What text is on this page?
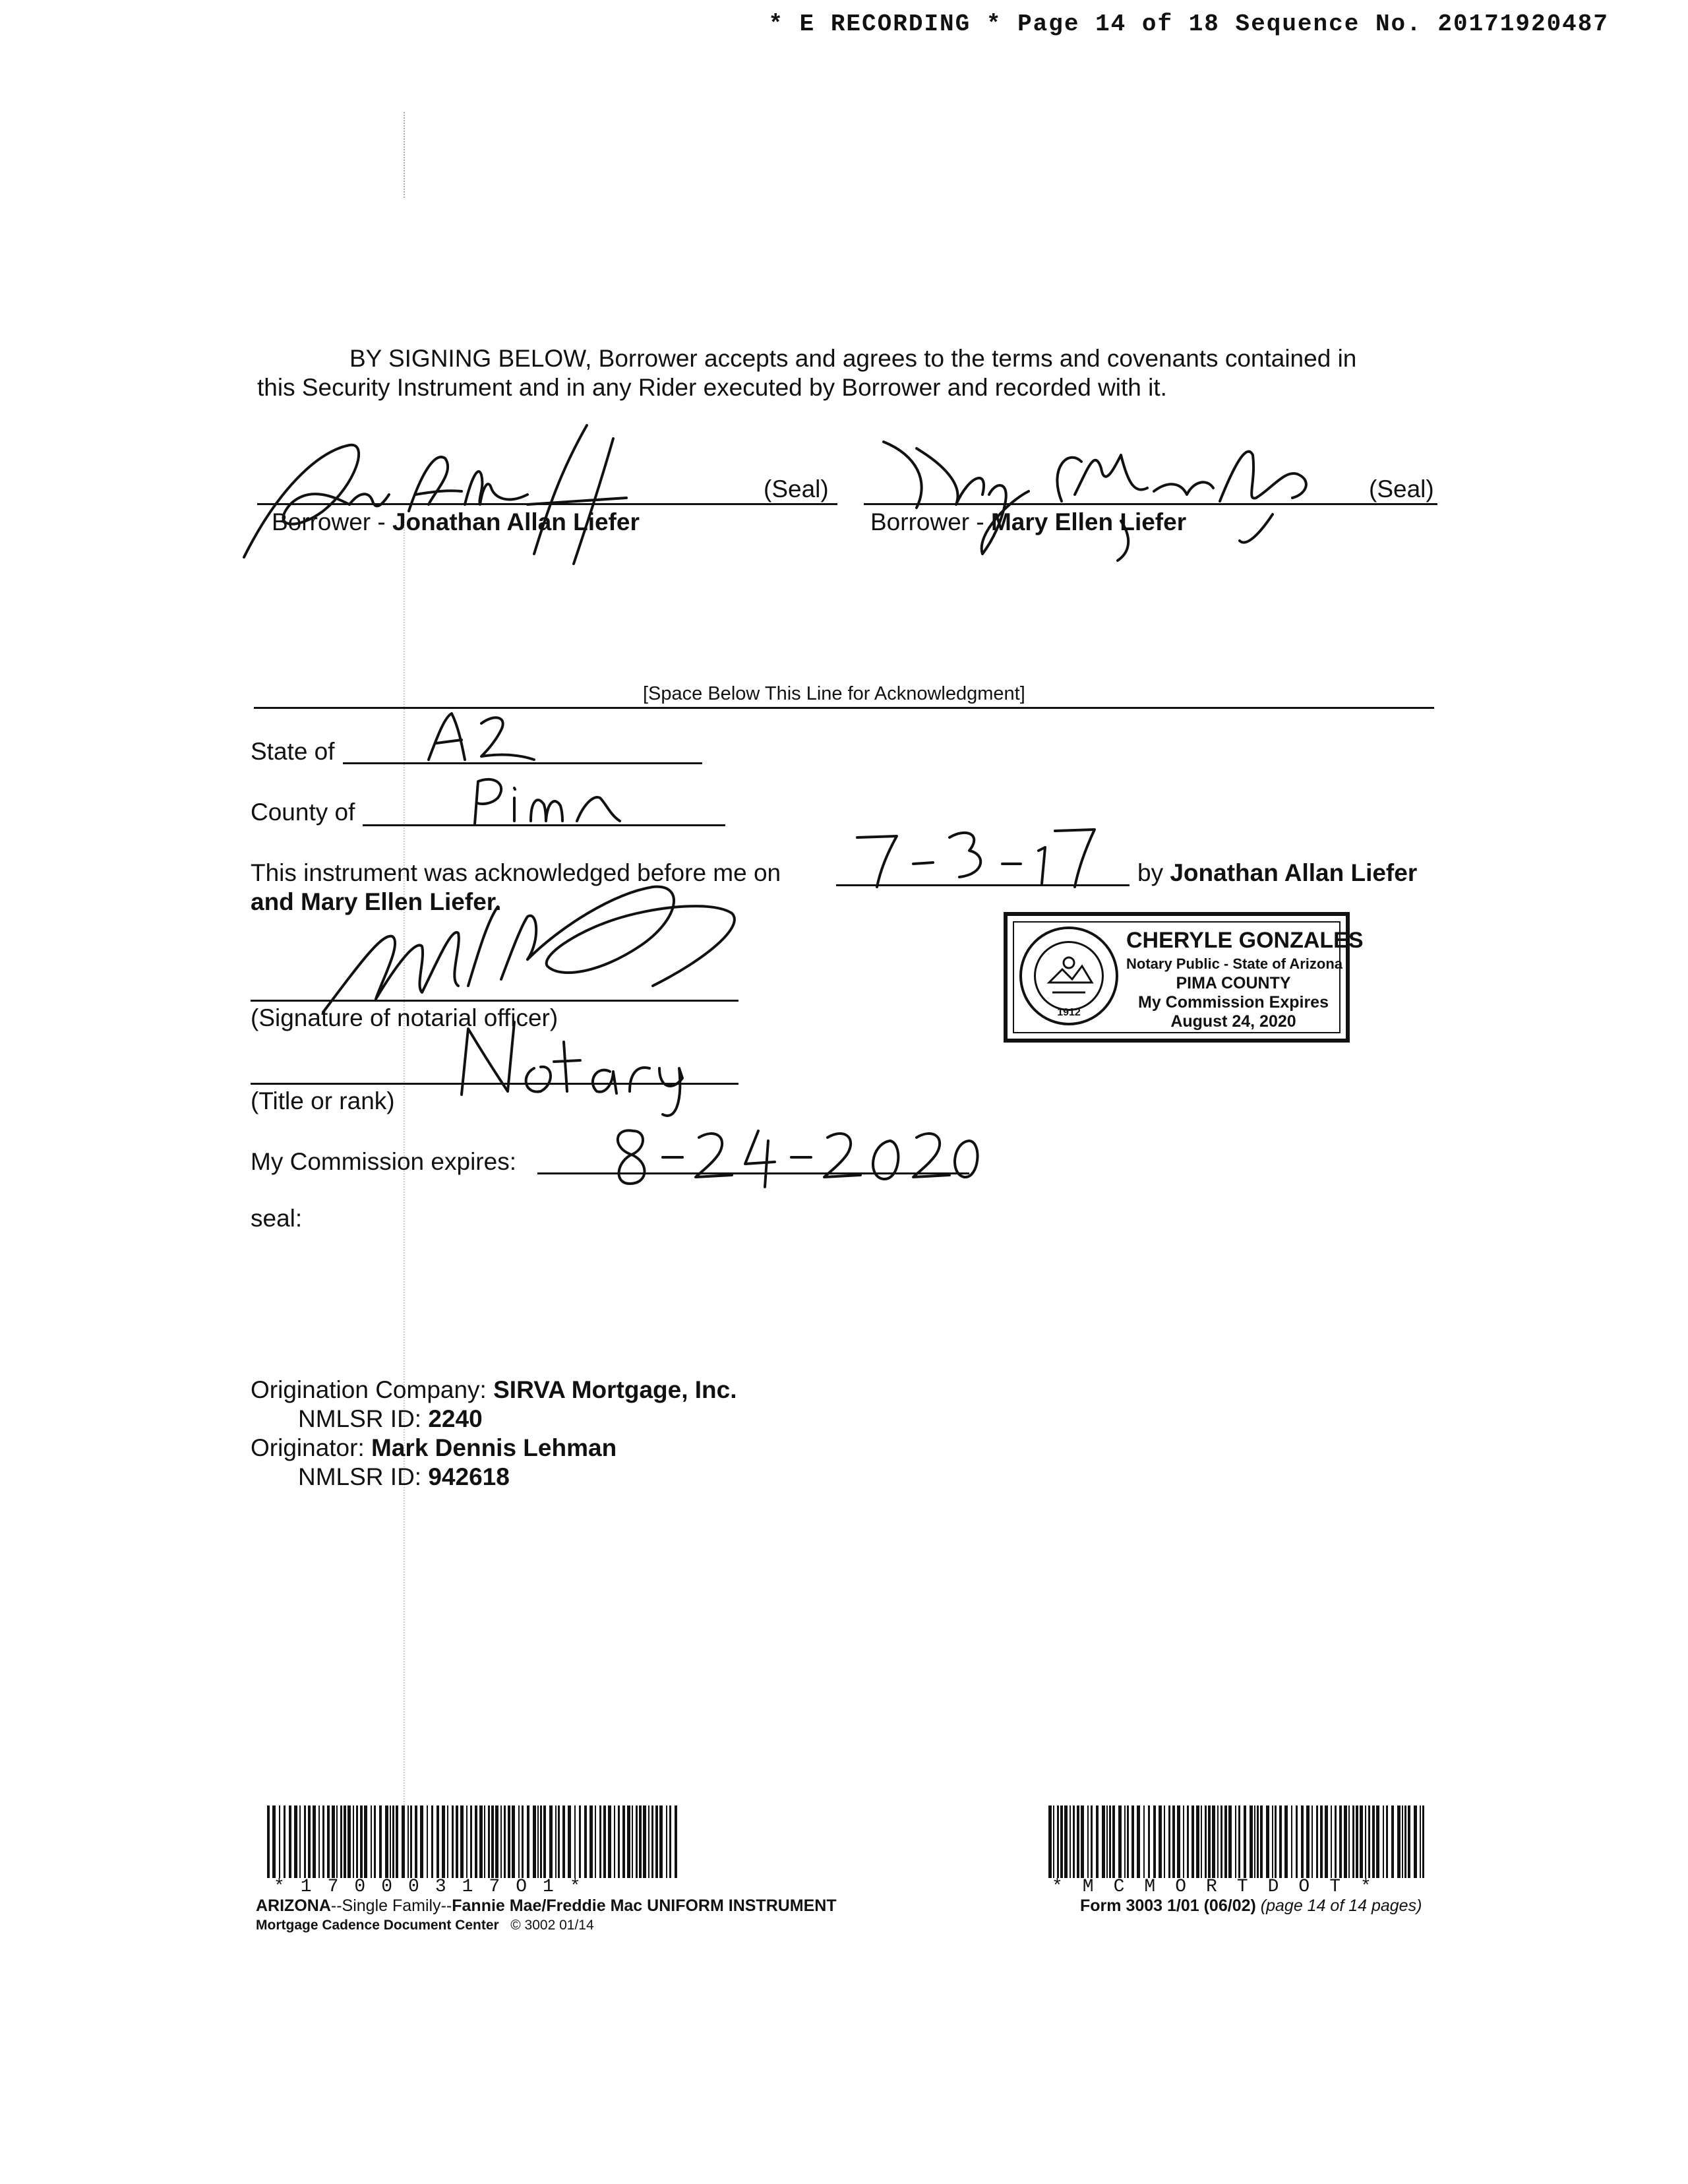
* E RECORDING * Page 14 of 18 Sequence No. 20171920487
BY SIGNING BELOW, Borrower accepts and agrees to the terms and covenants contained in
this Security Instrument and in any Rider executed by Borrower and recorded with it.
(Seal)
Borrower - Jonathan Allan Liefer
(Seal)
Borrower - Mary Ellen Liefer
[Space Below This Line for Acknowledgment]
State of
County of
This instrument was acknowledged before me on	by Jonathan Allan Liefer
and Mary Ellen Liefer.
(Signature of notarial officer)
(Title or rank)
My Commission expires:
seal:
1912
CHERYLE GONZALES
Notary Public - State of Arizona
PIMA COUNTY
My Commission Expires
August 24, 2020
Origination Company: SIRVA Mortgage, Inc.
NMLSR ID: 2240
Originator: Mark Dennis Lehman
NMLSR ID: 942618
*17000317O1*	*MCMORTDOT*
ARIZONA--Single Family--Fannie Mae/Freddie Mac UNIFORM INSTRUMENT
Mortgage Cadence Document Center © 3002 01/14
Form 3003 1/01 (06/02) (page 14 of 14 pages)
